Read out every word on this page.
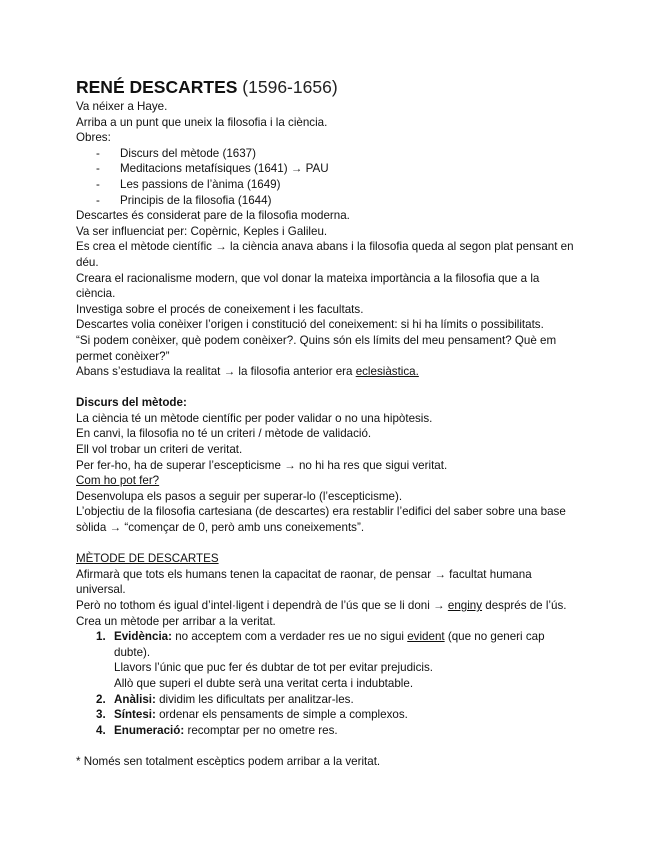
RENÉ DESCARTES (1596-1656)

Va néixer a Haye.

Arriba a un punt que uneix la filosofia i la ciència.

Obres:

-	Discurs del mètode (1637)
-	Meditacions metafísiques (1641) → PAU
-	Les passions de l’ànima (1649)
-	Principis de la filosofia (1644)

Descartes és considerat pare de la filosofia moderna.

Va ser influenciat per: Copèrnic, Keples i Galileu.

Es crea el mètode científic → la ciència anava abans i la filosofia queda al segon plat pensant en déu.

Creara el racionalisme modern, que vol donar la mateixa importància a la filosofia que a la ciència.

Investiga sobre el procés de coneixement i les facultats.

Descartes volia conèixer l’origen i constitució del coneixement: si hi ha límits o possibilitats.

“Si podem conèixer, què podem conèixer?. Quins són els límits del meu pensament? Què em permet conèixer?”

Abans s’estudiava la realitat → la filosofia anterior era eclesiàstica.

Discurs del mètode:

La ciència té un mètode científic per poder validar o no una hipòtesis.

En canvi, la filosofia no té un criteri / mètode de validació.

Ell vol trobar un criteri de veritat.

Per fer-ho, ha de superar l’escepticisme → no hi ha res que sigui veritat.

Com ho pot fer?

Desenvolupa els pasos a seguir per superar-lo (l’escepticisme).

L’objectiu de la filosofia cartesiana (de descartes) era restablir l’edifici del saber sobre una base sòlida → “començar de 0, però amb uns coneixements”.

MÈTODE DE DESCARTES

Afirmarà que tots els humans tenen la capacitat de raonar, de pensar → facultat humana universal.

Però no tothom és igual d’intel·ligent i dependrà de l’ús que se li doni → enginy després de l’ús.

Crea un mètode per arribar a la veritat.

1. Evidència: no acceptem com a verdader res ue no sigui evident (que no generi cap dubte).
Llavors l’únic que puc fer és dubtar de tot per evitar prejudicis.
Allò que superi el dubte serà una veritat certa i indubtable.
2. Anàlisi: dividim les dificultats per analitzar-les.
3. Síntesi: ordenar els pensaments de simple a complexos.
4. Enumeració: recomptar per no ometre res.

* Només sen totalment escèptics podem arribar a la veritat.
